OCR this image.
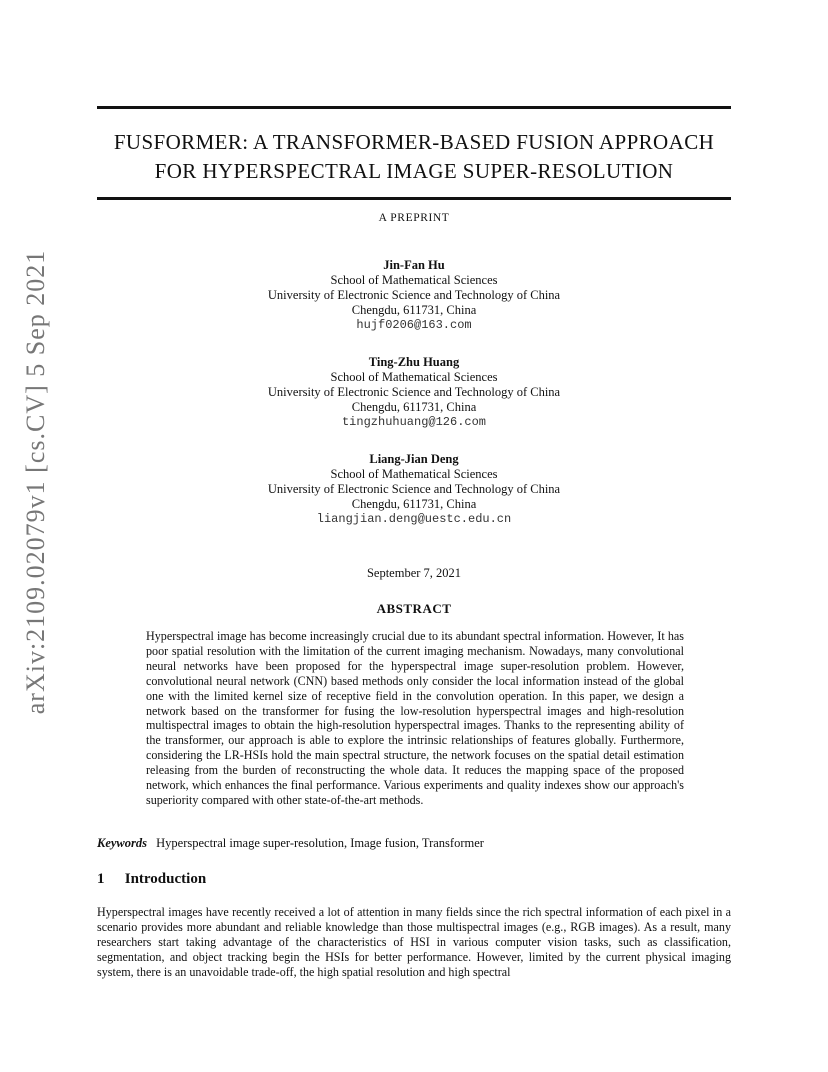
FUSFORMER: A TRANSFORMER-BASED FUSION APPROACH
FOR HYPERSPECTRAL IMAGE SUPER-RESOLUTION
arXiv:2109.02079v1 [cs.CV] 5 Sep 2021
A PREPRINT
Jin-Fan Hu
School of Mathematical Sciences
University of Electronic Science and Technology of China
Chengdu, 611731, China
hujf0206@163.com
Ting-Zhu Huang
School of Mathematical Sciences
University of Electronic Science and Technology of China
Chengdu, 611731, China
tingzhuhuang@126.com
Liang-Jian Deng
School of Mathematical Sciences
University of Electronic Science and Technology of China
Chengdu, 611731, China
liangjian.deng@uestc.edu.cn
September 7, 2021
ABSTRACT

Hyperspectral image has become increasingly crucial due to its abundant spectral information. However, It has poor spatial resolution with the limitation of the current imaging mechanism. Nowadays, many convolutional neural networks have been proposed for the hyperspectral image super-resolution problem. However, convolutional neural network (CNN) based methods only consider the local information instead of the global one with the limited kernel size of receptive field in the convolution operation. In this paper, we design a network based on the transformer for fusing the low-resolution hyperspectral images and high-resolution multispectral images to obtain the high-resolution hyperspectral images. Thanks to the representing ability of the transformer, our approach is able to explore the intrinsic relationships of features globally. Furthermore, considering the LR-HSIs hold the main spectral structure, the network focuses on the spatial detail estimation releasing from the burden of reconstructing the whole data. It reduces the mapping space of the proposed network, which enhances the final performance. Various experiments and quality indexes show our approach's superiority compared with other state-of-the-art methods.

Keywords Hyperspectral image super-resolution, Image fusion, Transformer
1 Introduction

Hyperspectral images have recently received a lot of attention in many fields since the rich spectral information of each pixel in a scenario provides more abundant and reliable knowledge than those multispectral images (e.g., RGB images). As a result, many researchers start taking advantage of the characteristics of HSI in various computer vision tasks, such as classification, segmentation, and object tracking begin the HSIs for better performance. However, limited by the current physical imaging system, there is an unavoidable trade-off, the high spatial resolution and high spectral
